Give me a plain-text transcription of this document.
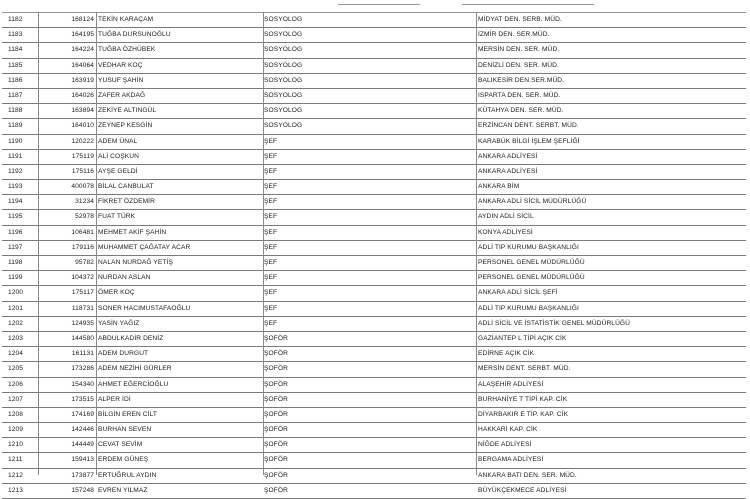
1182	168124 TEKİN KARAÇAM	SOSYOLOG	MİDYAT DEN. SERB. MÜD.
1183	164195 TUĞBA DURSUNOĞLU	SOSYOLOG	İZMİR DEN. SER.MÜD.
1184	164224 TUĞBA ÖZHÜBEK	SOSYOLOG	MERSİN DEN. SER. MÜD.
1185	164064 VEDHAR KOÇ	SOSYOLOG	DENİZLİ DEN. SER. MÜD.
1186	163919 YUSUF ŞAHİN	SOSYOLOG	BALIKESİR DEN.SER.MÜD.
1187	164026 ZAFER AKDAĞ	SOSYOLOG	ISPARTA DEN. SER. MÜD.
1188	163894 ZEKİYE ALTINGÜL	SOSYOLOG	KÜTAHYA DEN. SER. MÜD.
1189	164010 ZEYNEP KESGİN	SOSYOLOG	ERZİNCAN DENT. SERBT. MÜD.
1190	120222 ADEM ÜNAL	ŞEF	KARABÜK BİLGİ İŞLEM ŞEFLİĞİ
1191	175119 ALİ COŞKUN	ŞEF	ANKARA ADLİYESİ
1192	175116 AYŞE GELDİ	ŞEF	ANKARA ADLİYESİ
1193	400078 BİLAL CANBULAT	ŞEF	ANKARA BİM
1194	31234 FİKRET ÖZDEMİR	ŞEF	ANKARA ADLİ SİCİL MÜDÜRLÜĞÜ
1195	52978 FUAT TÜRK	ŞEF	AYDIN ADLİ SİCİL
1196	106481 MEHMET AKİF ŞAHİN	ŞEF	KONYA ADLİYESİ
1197	179116 MUHAMMET ÇAĞATAY ACAR	ŞEF	ADLİ TIP KURUMU BAŞKANLIĞI
1198	95782 NALAN NURDAĞ YETİŞ	ŞEF	PERSONEL GENEL MÜDÜRLÜĞÜ
1199	104372 NURDAN ASLAN	ŞEF	PERSONEL GENEL MÜDÜRLÜĞÜ
1200	175117 ÖMER KOÇ	ŞEF	ANKARA ADLİ SİCİL ŞEFİ
1201	118731 SONER HACIMUSTAFAOĞLU	ŞEF	ADLİ TIP KURUMU BAŞKANLIĞI
1202	124935 YASİN YAĞIZ	ŞEF	ADLİ SİCİL VE İSTATİSTİK GENEL MÜDÜRLÜĞÜ
1203	144580 ABDULKADİR DENİZ	ŞOFÖR	GAZİANTEP L TİPİ AÇIK CİK
1204	161131 ADEM DURGUT	ŞOFÖR	EDİRNE AÇIK CİK
1205	173286 ADEM NEZİHİ GÜRLER	ŞOFÖR	MERSİN DENT. SERBT. MÜD.
1206	154340 AHMET EĞERCİOĞLU	ŞOFÖR	ALAŞEHİR ADLİYESİ
1207	173515 ALPER İDİ	ŞOFÖR	BURHANİYE T TİPİ KAP. CİK
1208	174169 BİLGİN EREN CİLT	ŞOFÖR	DİYARBAKIR E TİP. KAP. CİK
1209	142446 BURHAN SEVEN	ŞOFÖR	HAKKARİ KAP. CİK
1210	144449 CEVAT SEVİM	ŞOFÖR	NİĞDE ADLİYESİ
1211	159413 ERDEM GÜNEŞ	ŞOFÖR	BERGAMA ADLİYESİ
1212	173877 ERTUĞRUL AYDIN	ŞOFÖR	ANKARA BATI DEN. SER. MÜD.
1213	157248 EVREN YILMAZ	ŞOFÖR	BÜYÜKÇEKMECE ADLİYESİ
